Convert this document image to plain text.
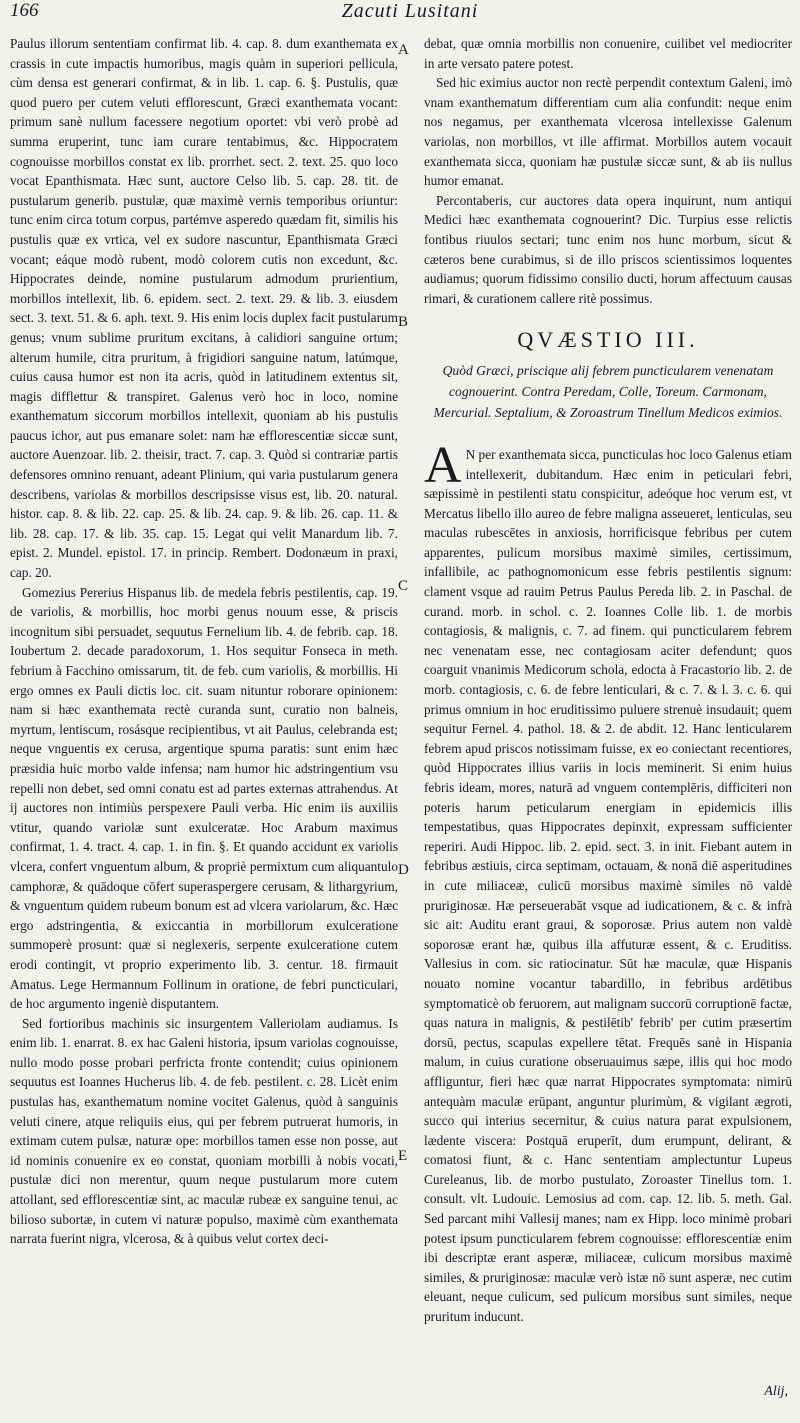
166	Zacuti Lusitani
A
B
C
D
E

Paulus illorum sententiam confirmat lib. 4. cap. 8. dum exanthemata ex crassis in cute impactis humoribus, magis quàm in superiori pellicula, cùm densa est generari confirmat, & in lib. 1. cap. 6. §. Pustulis, quæ quod puero per cutem veluti efflorescunt, Græci exanthemata vocant: primum sanè nullum facessere negotium oportet: vbi verò probè ad summa eruperint, tunc iam curare tentabimus, &c. Hippocratem cognouisse morbillos constat ex lib. prorrhet. sect. 2. text. 25. quo loco vocat Epanthismata. Hæc sunt, auctore Celso lib. 5. cap. 28. tit. de pustularum generib. pustulæ, quæ maximè vernis temporibus oriuntur: tunc enim circa totum corpus, partémve asperedo quædam fit, similis his pustulis quæ ex vrtica, vel ex sudore nascuntur, Epanthismata Græci vocant; eáque modò rubent, modò colorem cutis non excedunt, &c. Hippocrates deinde, nomine pustularum admodum prurientium, morbillos intellexit, lib. 6. epidem. sect. 2. text. 29. & lib. 3. eiusdem sect. 3. text. 51. & 6. aph. text. 9. His enim locis duplex facit pustularum genus; vnum sublime pruritum excitans, à calidiori sanguine ortum; alterum humile, citra pruritum, à frigidiori sanguine natum, latúmque, cuius causa humor est non ita acris, quòd in latitudinem extentus sit, magis difflettur & transpiret. Galenus verò hoc in loco, nomine exanthematum siccorum morbillos intellexit, quoniam ab his pustulis paucus ichor, aut pus emanare solet: nam hæ efflorescentiæ siccæ sunt, auctore Auenzoar. lib. 2. theisir, tract. 7. cap. 3. Quòd si contrariæ partis defensores omnino renuant, adeant Plinium, qui varia pustularum genera describens, variolas & morbillos descripsisse visus est, lib. 20. natural. histor. cap. 8. & lib. 22. cap. 25. & lib. 24. cap. 9. & lib. 26. cap. 11. & lib. 28. cap. 17. & lib. 35. cap. 15. Legat qui velit Manardum lib. 7. epist. 2. Mundel. epistol. 17. in princip. Rembert. Dodonæum in praxi, cap. 20.

Gomezius Pererius Hispanus lib. de medela febris pestilentis, cap. 19. de variolis, & morbillis, hoc morbi genus nouum esse, & priscis incognitum sibi persuadet, sequutus Fernelium lib. 4. de febrib. cap. 18. Ioubertum 2. decade paradoxorum, 1. Hos sequitur Fonseca in meth. febrium à Facchino omissarum, tit. de feb. cum variolis, & morbillis. Hi ergo omnes ex Pauli dictis loc. cit. suam nituntur roborare opinionem: nam si hæc exanthemata rectè curanda sunt, curatio non balneis, myrtum, lentiscum, rosásque recipientibus, vt ait Paulus, celebranda est; neque vnguentis ex cerusa, argentique spuma paratis: sunt enim hæc præsidia huic morbo valde infensa; nam humor hic adstringentium vsu repelli non debet, sed omni conatu est ad partes externas attrahendus. At ij auctores non intimiùs perspexere Pauli verba. Hic enim iis auxiliis vtitur, quando variolæ sunt exulceratæ. Hoc Arabum maximus confirmat, 1. 4. tract. 4. cap. 1. in fin. §. Et quando accidunt ex variolis vlcera, confert vnguentum album, & propriè permixtum cum aliquantulo camphoræ, & quādoque cōfert superaspergere cerusam, & lithargyrium, & vnguentum quidem rubeum bonum est ad vlcera variolarum, &c. Hæc ergo adstringentia, & exiccantia in morbillorum exulceratione summoperè prosunt: quæ si neglexeris, serpente exulceratione cutem erodi contingit, vt proprio experimento lib. 3. centur. 18. firmauit Amatus. Lege Hermannum Follinum in oratione, de febri puncticulari, de hoc argumento ingeniè disputantem.

Sed fortioribus machinis sic insurgentem Valleriolam audiamus. Is enim lib. 1. enarrat. 8. ex hac Galeni historia, ipsum variolas cognouisse, nullo modo posse probari perfricta fronte contendit; cuius opinionem sequutus est Ioannes Hucherus lib. 4. de feb. pestilent. c. 28. Licèt enim pustulas has, exanthematum nomine vocitet Galenus, quòd à sanguinis veluti cinere, atque reliquiis eius, qui per febrem putruerat humoris, in extimam cutem pulsæ, naturæ ope: morbillos tamen esse non posse, aut id nominis conuenire ex eo constat, quoniam morbilli à nobis vocati, pustulæ dici non merentur, quum neque pustularum more cutem attollant, sed efflorescentiæ sint, ac maculæ rubeæ ex sanguine tenui, ac bilioso subortæ, in cutem vi naturæ populso, maximè cùm exanthemata narrata fuerint nigra, vlcerosa, & à quibus velut cortex deci-

debat, quæ omnia morbillis non conuenire, cuilibet vel mediocriter in arte versato patere potest.

Sed hic eximius auctor non rectè perpendit contextum Galeni, imò vnam exanthematum differentiam cum alia confundit: neque enim nos negamus, per exanthemata vlcerosa intellexisse Galenum variolas, non morbillos, vt ille affirmat. Morbillos autem vocauit exanthemata sicca, quoniam hæ pustulæ siccæ sunt, & ab iis nullus humor emanat.

Percontaberis, cur auctores data opera inquirunt, num antiqui Medici hæc exanthemata cognouerint? Dic. Turpius esse relictis fontibus riuulos sectari; tunc enim nos hunc morbum, sicut & cæteros bene curabimus, si de illo priscos scientissimos loquentes audiamus; quorum fidissimo consilio ducti, horum affectuum causas rimari, & curationem callere ritè possimus.

QVÆSTIO III.
Quòd Græci, priscique alij febrem puncticularem venenatam cognouerint. Contra Peredam, Colle, Toreum. Carmonam, Mercurial. Septalium, & Zoroastrum Tinellum Medicos eximios.

A N per exanthemata sicca, puncticulas hoc loco Galenus etiam intellexerit, dubitandum. Hæc enim in peticulari febri, sæpissimè in pestilenti statu conspicitur, adeóque hoc verum est, vt Mercatus libello illo aureo de febre maligna asseueret, lenticulas, seu maculas rubescētes in anxiosis, horrificisque febribus per cutem apparentes, pulicum morsibus maximè similes, certissimum, infallibile, ac pathognomonicum esse febris pestilentis signum: clament vsque ad rauim Petrus Paulus Pereda lib. 2. in Paschal. de curand. morb. in schol. c. 2. Ioannes Colle lib. 1. de morbis contagiosis, & malignis, c. 7. ad finem. qui puncticularem febrem nec venenatam esse, nec contagiosam aciter defendunt; quos coarguit vnanimis Medicorum schola, edocta à Fracastorio lib. 2. de morb. contagiosis, c. 6. de febre lenticulari, & c. 7. & l. 3. c. 6. qui primus omnium in hoc eruditissimo puluere strenuè insudauit; quem sequitur Fernel. 4. pathol. 18. & 2. de abdit. 12. Hanc lenticularem febrem apud priscos notissimam fuisse, ex eo coniectant recentiores, quòd Hippocrates illius variis in locis meminerit. Si enim huius febris ideam, mores, naturā ad vnguem contemplēris, difficiteri non poteris harum peticularum energiam in epidemicis illis tempestatibus, quas Hippocrates depinxit, expressam sufficienter reperiri. Audi Hippoc. lib. 2. epid. sect. 3. in init. Fiebant autem in febribus æstiuis, circa septimam, octauam, & nonā diē asperitudines in cute miliaceæ, culicū morsibus maximè similes nō valdè pruriginosæ. Hæ perseuerabāt vsque ad iudicationem, & c. & infrà sic ait: Auditu erant graui, & soporosæ. Prius autem non valdè soporosæ erant hæ, quibus illa affuturæ essent, & c. Eruditiss. Vallesius in com. sic ratiocinatur. Sūt hæ maculæ, quæ Hispanis nouato nomine vocantur tabardillo, in febribus ardētibus symptomaticè ob feruorem, aut malignam succorū corruptionē factæ, quas natura in malignis, & pestilētib' febrib' per cutim præsertim dorsū, pectus, scapulas expellere tētat. Frequēs sanè in Hispania malum, in cuius curatione obseruauimus sæpe, illis qui hoc modo affliguntur, fieri hæc quæ narrat Hippocrates symptomata: nimirū antequàm maculæ erūpant, anguntur plurimùm, & vigilant ægroti, succo qui interius secernitur, & cuius natura parat expulsionem, lædente viscera: Postquā eruperīt, dum erumpunt, delirant, & comatosi fiunt, & c. Hanc sententiam amplectuntur Lupeus Cureleanus, lib. de morbo pustulato, Zoroaster Tinellus tom. 1. consult. vlt. Ludouic. Lemosius ad com. cap. 12. lib. 5. meth. Gal. Sed parcant mihi Vallesij manes; nam ex Hipp. loco minimè probari potest ipsum puncticularem febrem cognouisse: efflorescentiæ enim ibi descriptæ erant asperæ, miliaceæ, culicum morsibus maximè similes, & pruriginosæ: maculæ verò istæ nō sunt asperæ, nec cutim eleuant, neque culicum, sed pulicum morsibus sunt similes, neque pruritum inducunt.

Alij,
